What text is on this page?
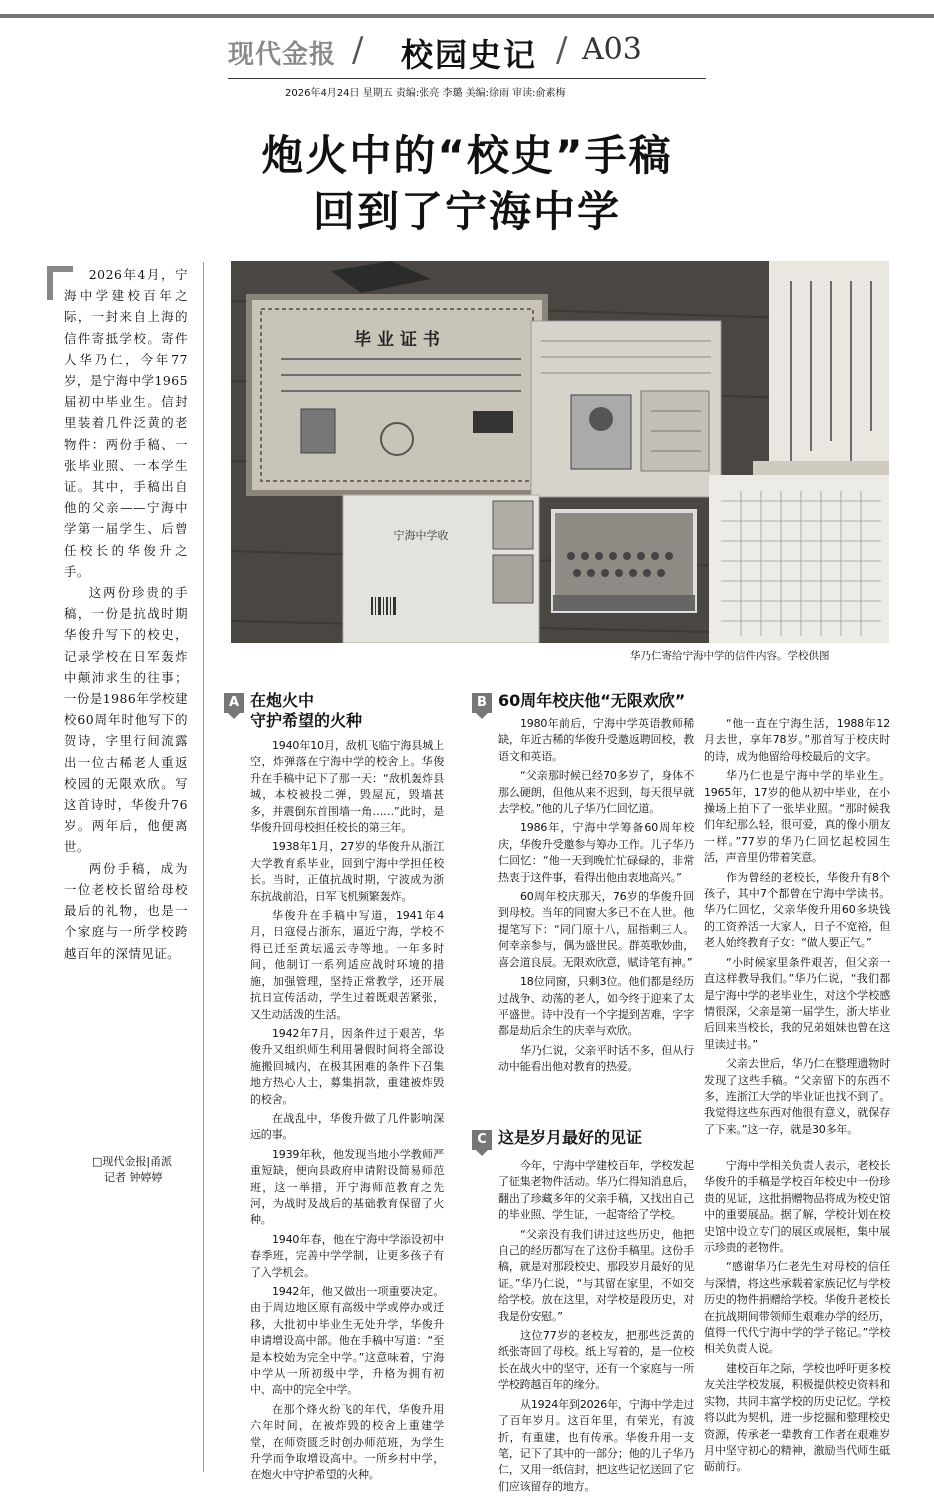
现代金报 / 校园史记 / A03
2026年4月24日 星期五 责编:张亮 李璐 美编:徐雨 审读:俞素梅
炮火中的“校史”手稿
回到了宁海中学

2026年4月，宁海中学建校百年之际，一封来自上海的信件寄抵学校。寄件人华乃仁，今年77岁，是宁海中学1965届初中毕业生。信封里装着几件泛黄的老物件：两份手稿、一张毕业照、一本学生证。其中，手稿出自他的父亲——宁海中学第一届学生、后曾任校长的华俊升之手。

这两份珍贵的手稿，一份是抗战时期华俊升写下的校史，记录学校在日军轰炸中颠沛求生的往事；一份是1986年学校建校60周年时他写下的贺诗，字里行间流露出一位古稀老人重返校园的无限欢欣。写这首诗时，华俊升76岁。两年后，他便离世。

两份手稿，成为一位老校长留给母校最后的礼物，也是一个家庭与一所学校跨越百年的深情见证。

□现代金报|甬派
记者 钟婷婷
毕 业 证 书
宁海中学收
华乃仁寄给宁海中学的信件内容。学校供图
A 在炮火中
守护希望的火种

1940年10月，敌机飞临宁海县城上空，炸弹落在宁海中学的校舍上。华俊升在手稿中记下了那一天：“敌机轰炸县城，本校被投二弹，毁屋瓦，毁墙甚多，并震倒东首围墙一角……”此时，是华俊升回母校担任校长的第三年。

1938年1月，27岁的华俊升从浙江大学教育系毕业，回到宁海中学担任校长。当时，正值抗战时期，宁波成为浙东抗战前沿，日军飞机频繁轰炸。

华俊升在手稿中写道，1941年4月，日寇侵占浙东，逼近宁海，学校不得已迁至黄坛遥云寺等地。一年多时间，他制订一系列适应战时环境的措施，加强管理，坚持正常教学，还开展抗日宣传活动，学生过着既艰苦紧张，又生动活泼的生活。

1942年7月，因条件过于艰苦，华俊升又组织师生利用暑假时间将全部设施搬回城内，在极其困难的条件下召集地方热心人士，募集捐款，重建被炸毁的校舍。

在战乱中，华俊升做了几件影响深远的事。

1939年秋，他发现当地小学教师严重短缺，便向县政府申请附设简易师范班，这一举措，开宁海师范教育之先河，为战时及战后的基础教育保留了火种。

1940年春，他在宁海中学添设初中春季班，完善中学学制，让更多孩子有了入学机会。

1942年，他又做出一项重要决定。由于周边地区原有高级中学或停办或迁移，大批初中毕业生无处升学，华俊升申请增设高中部。他在手稿中写道：“至是本校始为完全中学。”这意味着，宁海中学从一所初级中学，升格为拥有初中、高中的完全中学。

在那个烽火纷飞的年代，华俊升用六年时间，在被炸毁的校舍上重建学堂，在师资匮乏时创办师范班，为学生升学而争取增设高中。一所乡村中学，在炮火中守护希望的火种。

B 60周年校庆他“无限欢欣”

1980年前后，宁海中学英语教师稀缺，年近古稀的华俊升受邀返聘回校，教语文和英语。

“父亲那时候已经70多岁了，身体不那么硬朗，但他从来不迟到，每天很早就去学校。”他的儿子华乃仁回忆道。

1986年，宁海中学筹备60周年校庆，华俊升受邀参与筹办工作。儿子华乃仁回忆：“他一天到晚忙忙碌碌的，非常热衷于这件事，看得出他由衷地高兴。”

60周年校庆那天，76岁的华俊升回到母校。当年的同窗大多已不在人世。他提笔写下：“同门原十八，屈指剩三人。何幸亲参与，偶为盛世民。群英歌妙曲，喜会道良辰。无限欢欣意，赋诗笔有神。”

18位同窗，只剩3位。他们都是经历过战争、动荡的老人，如今终于迎来了太平盛世。诗中没有一个字提到苦难，字字都是劫后余生的庆幸与欢欣。

华乃仁说，父亲平时话不多，但从行动中能看出他对教育的热爱。

“他一直在宁海生活，1988年12月去世，享年78岁。”那首写于校庆时的诗，成为他留给母校最后的文字。

华乃仁也是宁海中学的毕业生。1965年，17岁的他从初中毕业，在小操场上拍下了一张毕业照。“那时候我们年纪那么轻，很可爱，真的像小朋友一样。”77岁的华乃仁回忆起校园生活，声音里仍带着笑意。

作为曾经的老校长，华俊升有8个孩子，其中7个都曾在宁海中学读书。华乃仁回忆，父亲华俊升用60多块钱的工资养活一大家人，日子不宽裕，但老人始终教育子女：“做人要正气。”

“小时候家里条件艰苦，但父亲一直这样教导我们。”华乃仁说，“我们都是宁海中学的老毕业生，对这个学校感情很深，父亲是第一届学生，浙大毕业后回来当校长，我的兄弟姐妹也曾在这里读过书。”

父亲去世后，华乃仁在整理遗物时发现了这些手稿。“父亲留下的东西不多，连浙江大学的毕业证也找不到了。我觉得这些东西对他很有意义，就保存了下来。”这一存，就是30多年。

C 这是岁月最好的见证

今年，宁海中学建校百年，学校发起了征集老物件活动。华乃仁得知消息后，翻出了珍藏多年的父亲手稿，又找出自己的毕业照、学生证，一起寄给了学校。

“父亲没有我们讲过这些历史，他把自己的经历都写在了这份手稿里。这份手稿，就是对那段校史、那段岁月最好的见证。”华乃仁说，“与其留在家里，不如交给学校。放在这里，对学校是段历史，对我是份安慰。”

这位77岁的老校友，把那些泛黄的纸张寄回了母校。纸上写着的，是一位校长在战火中的坚守，还有一个家庭与一所学校跨越百年的缘分。

从1924年到2026年，宁海中学走过了百年岁月。这百年里，有荣光，有波折，有重建，也有传承。华俊升用一支笔，记下了其中的一部分；他的儿子华乃仁，又用一纸信封，把这些记忆送回了它们应该留存的地方。

宁海中学相关负责人表示，老校长华俊升的手稿是学校百年校史中一份珍贵的见证，这批捐赠物品将成为校史馆中的重要展品。据了解，学校计划在校史馆中设立专门的展区或展柜，集中展示珍贵的老物件。

“感谢华乃仁老先生对母校的信任与深情，将这些承载着家族记忆与学校历史的物件捐赠给学校。华俊升老校长在抗战期间带领师生艰难办学的经历，值得一代代宁海中学的学子铭记。”学校相关负责人说。

建校百年之际，学校也呼吁更多校友关注学校发展，积极提供校史资料和实物，共同丰富学校的历史记忆。学校将以此为契机，进一步挖掘和整理校史资源，传承老一辈教育工作者在艰难岁月中坚守初心的精神，激励当代师生砥砺前行。
